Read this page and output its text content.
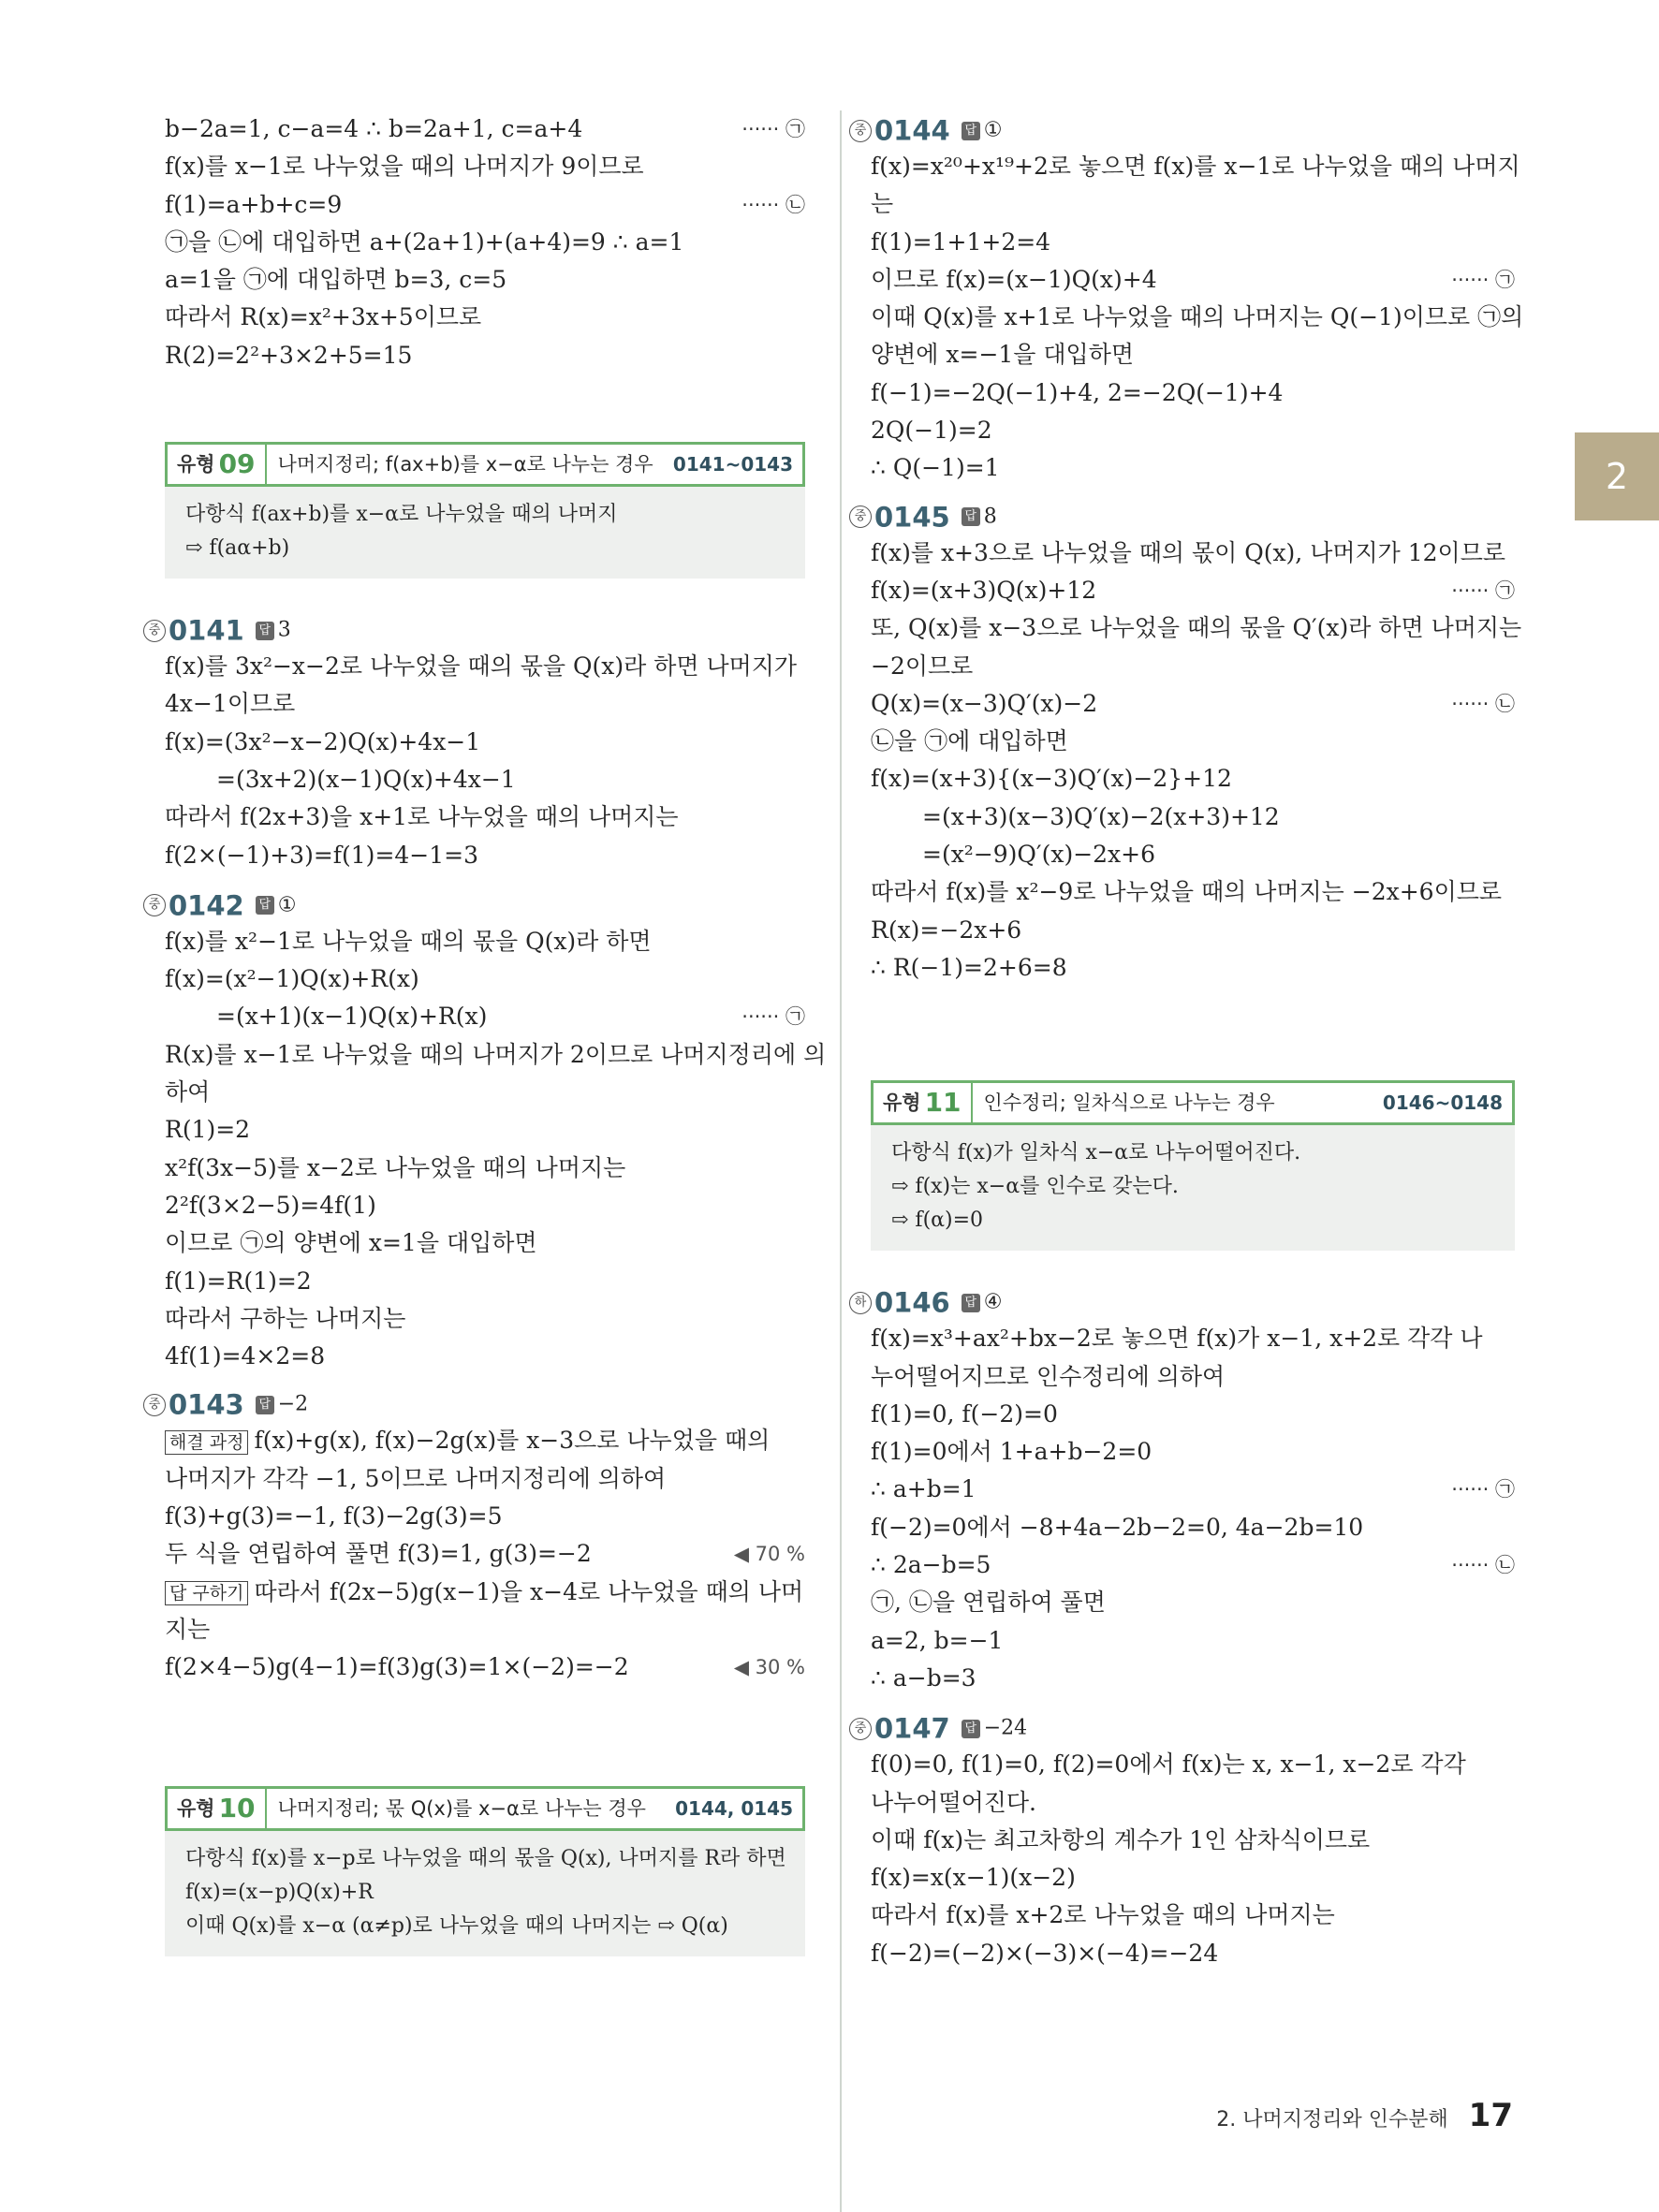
b−2a=1, c−a=4 ∴ b=2a+1, c=a+4	······ ㉠
f(x)를 x−1로 나누었을 때의 나머지가 9이므로
f(1)=a+b+c=9	······ ㉡
㉠을 ㉡에 대입하면 a+(2a+1)+(a+4)=9 ∴ a=1
a=1을 ㉠에 대입하면 b=3, c=5
따라서 R(x)=x²+3x+5이므로
R(2)=2²+3×2+5=15
유형 09	나머지정리; f(ax+b)를 x−α로 나누는 경우	0141~0143
다항식 f(ax+b)를 x−α로 나누었을 때의 나머지
⇨ f(aα+b)
중 0141 답 3
f(x)를 3x²−x−2로 나누었을 때의 몫을 Q(x)라 하면 나머지가
4x−1이므로
f(x)=(3x²−x−2)Q(x)+4x−1
=(3x+2)(x−1)Q(x)+4x−1
따라서 f(2x+3)을 x+1로 나누었을 때의 나머지는
f(2×(−1)+3)=f(1)=4−1=3
중 0142 답 ①
f(x)를 x²−1로 나누었을 때의 몫을 Q(x)라 하면
f(x)=(x²−1)Q(x)+R(x)
=(x+1)(x−1)Q(x)+R(x)	······ ㉠
R(x)를 x−1로 나누었을 때의 나머지가 2이므로 나머지정리에 의
하여
R(1)=2
x²f(3x−5)를 x−2로 나누었을 때의 나머지는
2²f(3×2−5)=4f(1)
이므로 ㉠의 양변에 x=1을 대입하면
f(1)=R(1)=2
따라서 구하는 나머지는
4f(1)=4×2=8
중 0143 답 −2
해결 과정 f(x)+g(x), f(x)−2g(x)를 x−3으로 나누었을 때의
나머지가 각각 −1, 5이므로 나머지정리에 의하여
f(3)+g(3)=−1, f(3)−2g(3)=5
두 식을 연립하여 풀면 f(3)=1, g(3)=−2	◀ 70 %
답 구하기 따라서 f(2x−5)g(x−1)을 x−4로 나누었을 때의 나머
지는
f(2×4−5)g(4−1)=f(3)g(3)=1×(−2)=−2	◀ 30 %
유형 10	나머지정리; 몫 Q(x)를 x−α로 나누는 경우	0144, 0145
다항식 f(x)를 x−p로 나누었을 때의 몫을 Q(x), 나머지를 R라 하면
f(x)=(x−p)Q(x)+R
이때 Q(x)를 x−α (α≠p)로 나누었을 때의 나머지는 ⇨ Q(α)
중 0144 답 ①
f(x)=x²⁰+x¹⁹+2로 놓으면 f(x)를 x−1로 나누었을 때의 나머지
는
f(1)=1+1+2=4
이므로 f(x)=(x−1)Q(x)+4	······ ㉠
이때 Q(x)를 x+1로 나누었을 때의 나머지는 Q(−1)이므로 ㉠의
양변에 x=−1을 대입하면
f(−1)=−2Q(−1)+4, 2=−2Q(−1)+4
2Q(−1)=2
∴ Q(−1)=1
중 0145 답 8
f(x)를 x+3으로 나누었을 때의 몫이 Q(x), 나머지가 12이므로
f(x)=(x+3)Q(x)+12	······ ㉠
또, Q(x)를 x−3으로 나누었을 때의 몫을 Q′(x)라 하면 나머지는
−2이므로
Q(x)=(x−3)Q′(x)−2	······ ㉡
㉡을 ㉠에 대입하면
f(x)=(x+3){(x−3)Q′(x)−2}+12
=(x+3)(x−3)Q′(x)−2(x+3)+12
=(x²−9)Q′(x)−2x+6
따라서 f(x)를 x²−9로 나누었을 때의 나머지는 −2x+6이므로
R(x)=−2x+6
∴ R(−1)=2+6=8
유형 11	인수정리; 일차식으로 나누는 경우	0146~0148
다항식 f(x)가 일차식 x−α로 나누어떨어진다.
⇨ f(x)는 x−α를 인수로 갖는다.
⇨ f(α)=0
하 0146 답 ④
f(x)=x³+ax²+bx−2로 놓으면 f(x)가 x−1, x+2로 각각 나
누어떨어지므로 인수정리에 의하여
f(1)=0, f(−2)=0
f(1)=0에서 1+a+b−2=0
∴ a+b=1	······ ㉠
f(−2)=0에서 −8+4a−2b−2=0, 4a−2b=10
∴ 2a−b=5	······ ㉡
㉠, ㉡을 연립하여 풀면
a=2, b=−1
∴ a−b=3
중 0147 답 −24
f(0)=0, f(1)=0, f(2)=0에서 f(x)는 x, x−1, x−2로 각각
나누어떨어진다.
이때 f(x)는 최고차항의 계수가 1인 삼차식이므로
f(x)=x(x−1)(x−2)
따라서 f(x)를 x+2로 나누었을 때의 나머지는
f(−2)=(−2)×(−3)×(−4)=−24
2
2. 나머지정리와 인수분해 17
